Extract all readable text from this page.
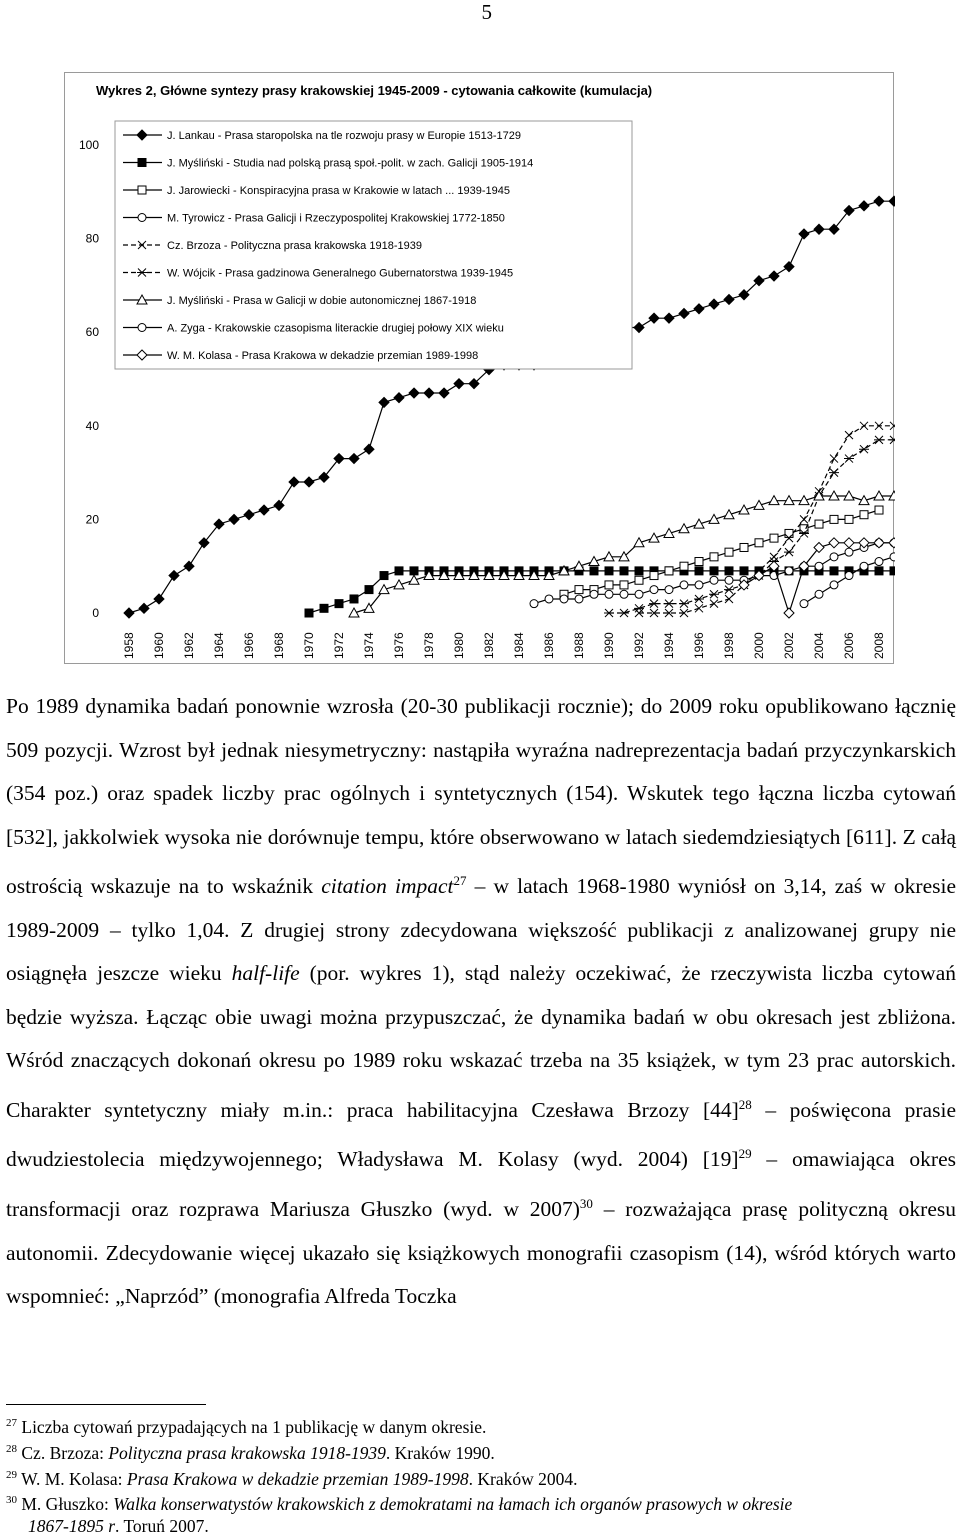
5
Wykres 2, Główne syntezy prasy krakowskiej 1945-2009 - cytowania całkowite (kumulacja)
0
20
40
60
80
100
1958 1960 1962 1964 1966 1968 1970 1972 1974 1976 1978 1980 1982 1984 1986 1988 1990 1992 1994 1996 1998 2000 2002 2004 2006 2008
J. Lankau - Prasa staropolska na tle rozwoju prasy w Europie 1513-1729
J. Myśliński - Studia nad polską prasą społ.-polit. w zach. Galicji 1905-1914
J. Jarowiecki - Konspiracyjna prasa w Krakowie w latach ... 1939-1945
M. Tyrowicz - Prasa Galicji i Rzeczypospolitej Krakowskiej 1772-1850
Cz. Brzoza - Polityczna prasa krakowska 1918-1939
W. Wójcik - Prasa gadzinowa Generalnego Gubernatorstwa 1939-1945
J. Myśliński - Prasa w Galicji w dobie autonomicznej 1867-1918
A. Zyga - Krakowskie czasopisma literackie drugiej połowy XIX wieku
W. M. Kolasa - Prasa Krakowa w dekadzie przemian 1989-1998

Po 1989 dynamika badań ponownie wzrosła (20-30 publikacji rocznie); do 2009 roku opublikowano łącznię 509 pozycji. Wzrost był jednak niesymetryczny: nastąpiła wyraźna nadreprezentacja badań przyczynkarskich (354 poz.) oraz spadek liczby prac ogólnych i syntetycznych (154). Wskutek tego łączna liczba cytowań [532], jakkolwiek wysoka nie dorównuje tempu, które obserwowano w latach siedemdziesiątych [611]. Z całą ostrością wskazuje na to wskaźnik citation impact$^{27}$ – w latach 1968-1980 wyniósł on 3,14, zaś w okresie 1989-2009 – tylko 1,04. Z drugiej strony zdecydowana większość publikacji z analizowanej grupy nie osiągnęła jeszcze wieku half-life (por. wykres 1), stąd należy oczekiwać, że rzeczywista liczba cytowań będzie wyższa. Łącząc obie uwagi można przypuszczać, że dynamika badań w obu okresach jest zbliżona. Wśród znaczących dokonań okresu po 1989 roku wskazać trzeba na 35 książek, w tym 23 prac autorskich. Charakter syntetyczny miały m.in.: praca habilitacyjna Czesława Brzozy $[44]^{28}$ – poświęcona prasie dwudziestolecia międzywojennego; Władysława M. Kolasy (wyd. 2004) $[19]^{29}$ – omawiająca okres transformacji oraz rozprawa Mariusza Głuszko (wyd. w 2007)$^{30}$ – rozważająca prasę polityczną okresu autonomii. Zdecydowanie więcej ukazało się książkowych monografii czasopism (14), wśród których warto wspomnieć: „Naprzód” (monografia Alfreda Toczka

$^{27}$ Liczba cytowań przypadających na 1 publikację w danym okresie.

$^{28}$ Cz. Brzoza: Polityczna prasa krakowska 1918-1939. Kraków 1990.

$^{29}$ W. M. Kolasa: Prasa Krakowa w dekadzie przemian 1989-1998. Kraków 2004.

$^{30}$ M. Głuszko: Walka konserwatystów krakowskich z demokratami na łamach ich organów prasowych w okresie

1867-1895 r. Toruń 2007.
